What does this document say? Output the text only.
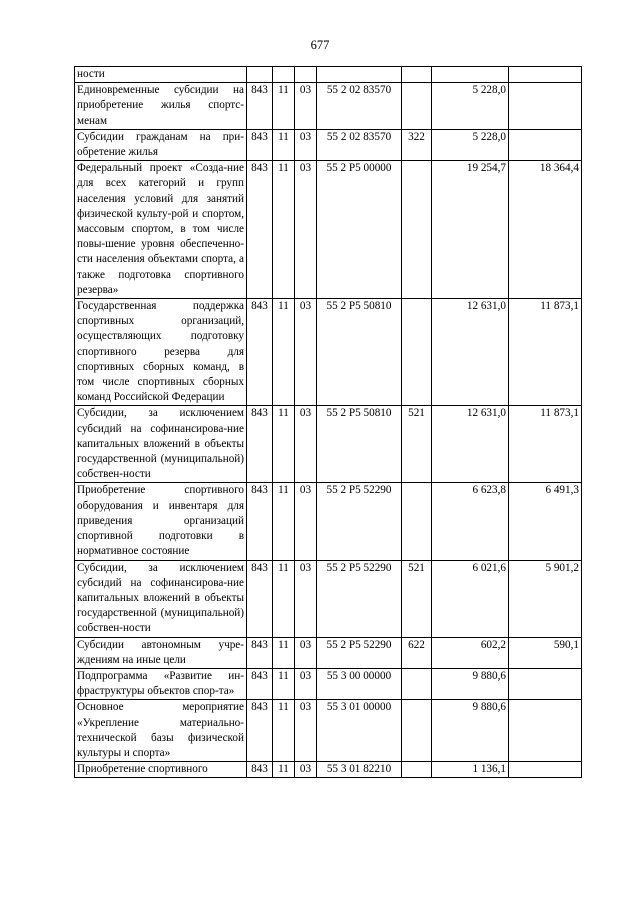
677
ности							
Единовременные субсидии на приобретение жилья спортс-менам	843	11	03	55 2 02 83570		5 228,0	
Субсидии гражданам на при-обретение жилья	843	11	03	55 2 02 83570	322	5 228,0	
Федеральный проект «Созда-ние для всех категорий и групп населения условий для занятий физической культу-рой и спортом, массовым спортом, в том числе повы-шение уровня обеспеченно-сти населения объектами спорта, а также подготовка спортивного резерва»	843	11	03	55 2 P5 00000		19 254,7	18 364,4
Государственная поддержка спортивных организаций, осуществляющих подготовку спортивного резерва для спортивных сборных команд, в том числе спортивных сборных команд Российской Федерации	843	11	03	55 2 P5 50810		12 631,0	11 873,1
Субсидии, за исключением субсидий на софинансирова-ние капитальных вложений в объекты государственной (муниципальной) собствен-ности	843	11	03	55 2 P5 50810	521	12 631,0	11 873,1
Приобретение спортивного оборудования и инвентаря для приведения организаций спортивной подготовки в нормативное состояние	843	11	03	55 2 P5 52290		6 623,8	6 491,3
Субсидии, за исключением субсидий на софинансирова-ние капитальных вложений в объекты государственной (муниципальной) собствен-ности	843	11	03	55 2 P5 52290	521	6 021,6	5 901,2
Субсидии автономным учре-ждениям на иные цели	843	11	03	55 2 P5 52290	622	602,2	590,1
Подпрограмма «Развитие ин-фраструктуры объектов спор-та»	843	11	03	55 3 00 00000		9 880,6	
Основное мероприятие «Укрепление материально-технической базы физической культуры и спорта»	843	11	03	55 3 01 00000		9 880,6	
Приобретение спортивного	843	11	03	55 3 01 82210		1 136,1	
